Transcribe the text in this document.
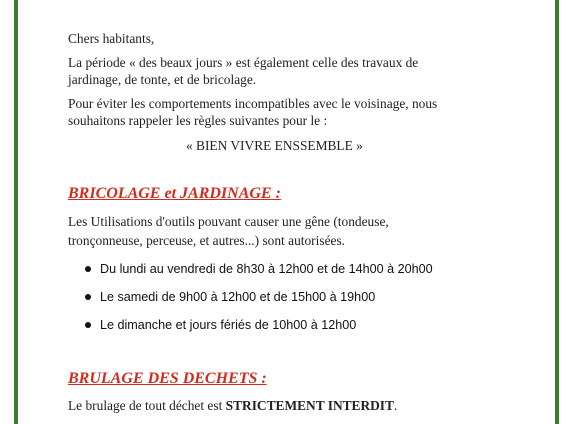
Chers habitants,
La période « des beaux jours » est également celle des travaux de
jardinage, de tonte, et de bricolage.
Pour éviter les comportements incompatibles avec le voisinage, nous
souhaitons rappeler les règles suivantes pour le :
« BIEN VIVRE ENSSEMBLE »
BRICOLAGE et JARDINAGE :
Les Utilisations d'outils pouvant causer une gêne (tondeuse,
tronçonneuse, perceuse, et autres...) sont autorisées.
Du lundi au vendredi de 8h30 à 12h00 et de 14h00 à 20h00
Le samedi de 9h00 à 12h00 et de 15h00 à 19h00
Le dimanche et jours fériés de 10h00 à 12h00
BRULAGE DES DECHETS :
Le brulage de tout déchet est STRICTEMENT INTERDIT.
